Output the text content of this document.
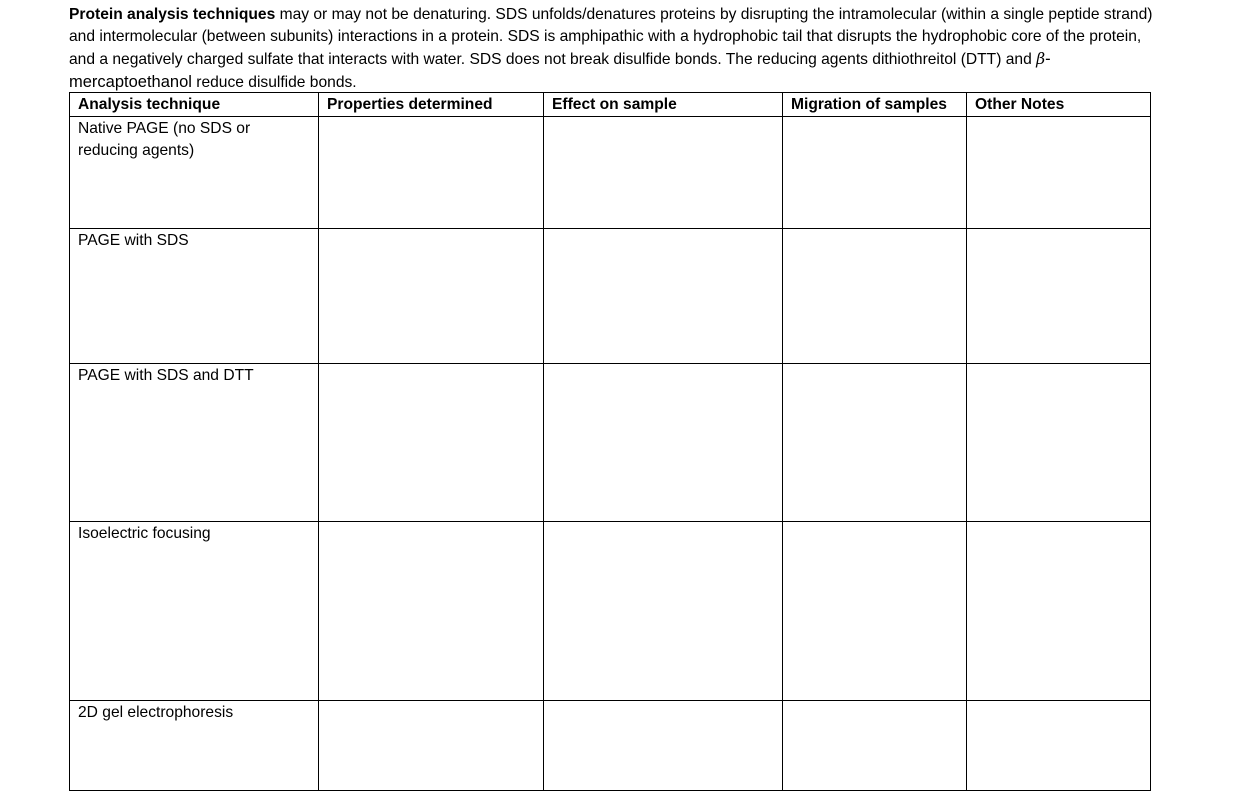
Protein analysis techniques may or may not be denaturing. SDS unfolds/denatures proteins by disrupting the intramolecular (within a single peptide strand) and intermolecular (between subunits) interactions in a protein. SDS is amphipathic with a hydrophobic tail that disrupts the hydrophobic core of the protein, and a negatively charged sulfate that interacts with water. SDS does not break disulfide bonds. The reducing agents dithiothreitol (DTT) and β-mercaptoethanol reduce disulfide bonds.
Analysis technique	Properties determined	Effect on sample	Migration of samples	Other Notes
Native PAGE (no SDS or reducing agents)				
PAGE with SDS				
PAGE with SDS and DTT				
Isoelectric focusing				
2D gel electrophoresis				
